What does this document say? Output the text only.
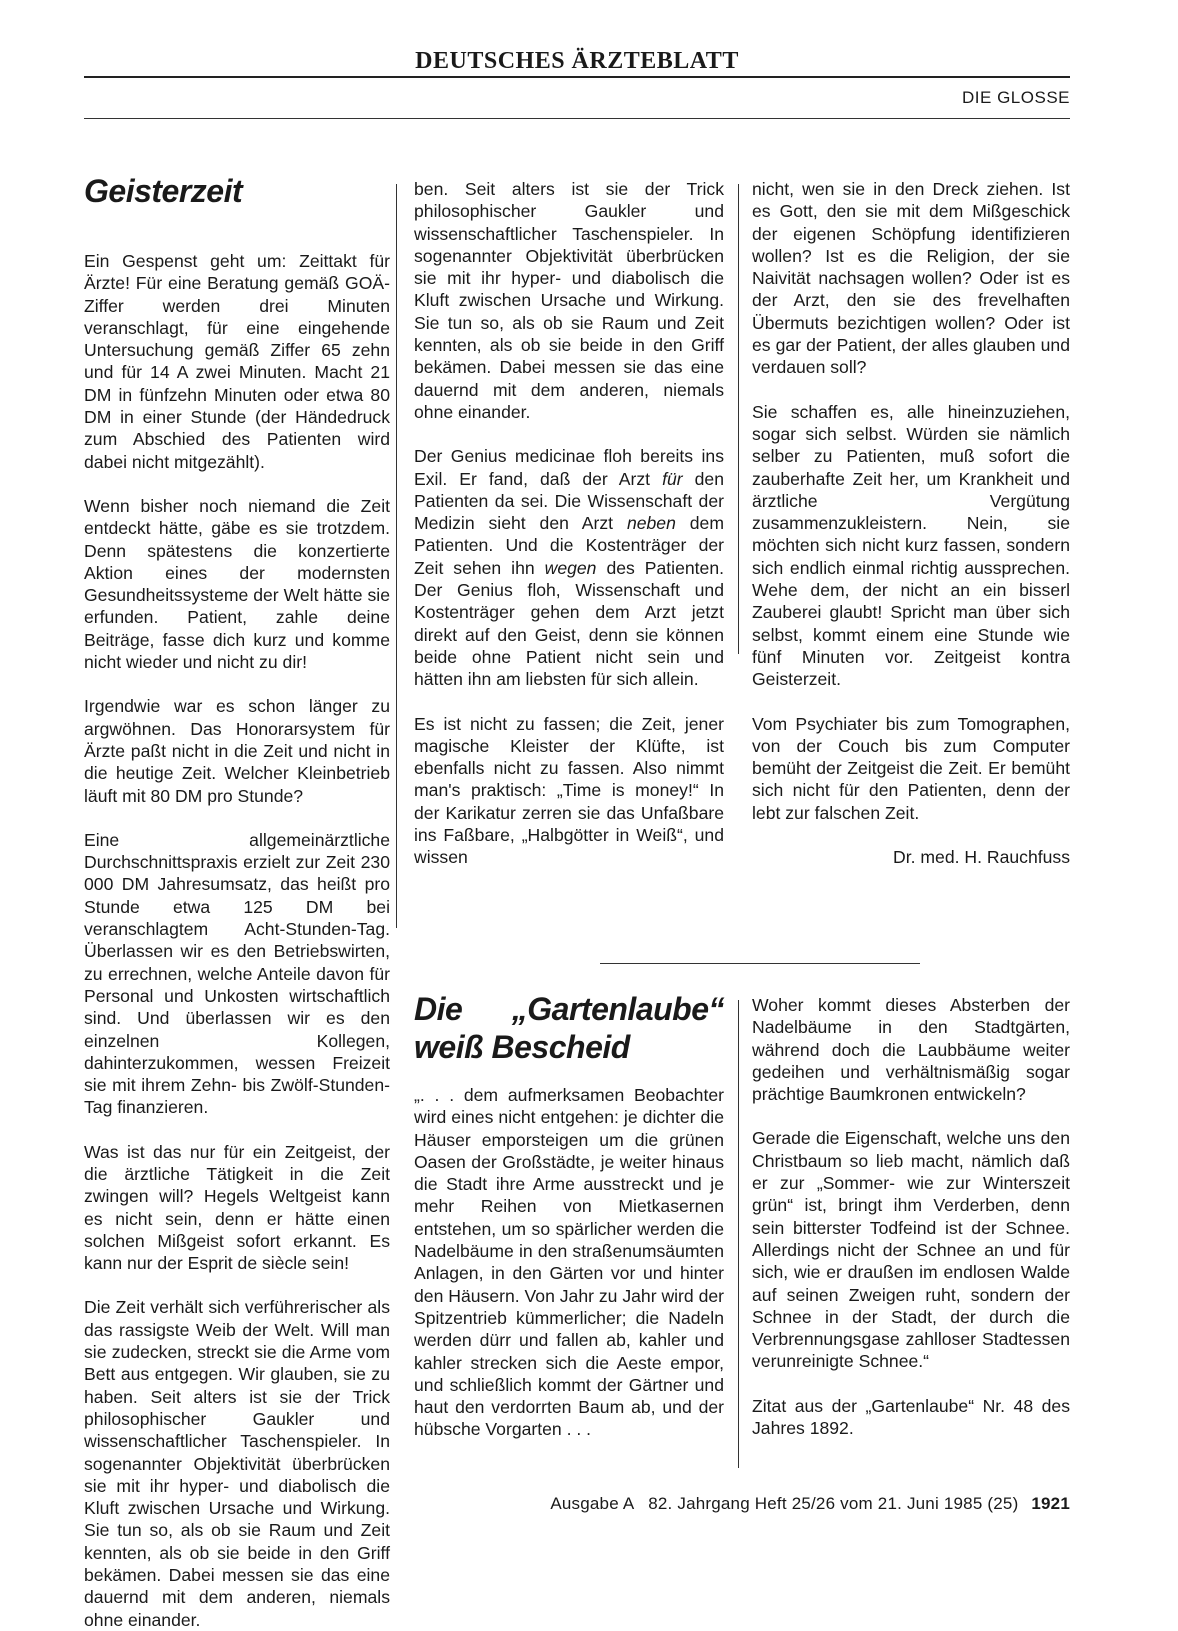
DEUTSCHES ÄRZTEBLATT
DIE GLOSSE
Geisterzeit

Ein Gespenst geht um: Zeittakt für Ärzte! Für eine Beratung gemäß GOÄ-Ziffer werden drei Minuten veranschlagt, für eine eingehende Untersuchung gemäß Ziffer 65 zehn und für 14 A zwei Minuten. Macht 21 DM in fünfzehn Minuten oder etwa 80 DM in einer Stunde (der Händedruck zum Abschied des Patienten wird dabei nicht mitgezählt).

Wenn bisher noch niemand die Zeit entdeckt hätte, gäbe es sie trotzdem. Denn spätestens die konzertierte Aktion eines der modernsten Gesundheitssysteme der Welt hätte sie erfunden. Patient, zahle deine Beiträge, fasse dich kurz und komme nicht wieder und nicht zu dir!

Irgendwie war es schon länger zu argwöhnen. Das Honorarsystem für Ärzte paßt nicht in die Zeit und nicht in die heutige Zeit. Welcher Kleinbetrieb läuft mit 80 DM pro Stunde?

Eine allgemeinärztliche Durchschnittspraxis erzielt zur Zeit 230 000 DM Jahresumsatz, das heißt pro Stunde etwa 125 DM bei veranschlagtem Acht-Stunden-Tag. Überlassen wir es den Betriebswirten, zu errechnen, welche Anteile davon für Personal und Unkosten wirtschaftlich sind. Und überlassen wir es den einzelnen Kollegen, dahinterzukommen, wessen Freizeit sie mit ihrem Zehn- bis Zwölf-Stunden-Tag finanzieren.

Was ist das nur für ein Zeitgeist, der die ärztliche Tätigkeit in die Zeit zwingen will? Hegels Weltgeist kann es nicht sein, denn er hätte einen solchen Mißgeist sofort erkannt. Es kann nur der Esprit de siècle sein!

Die Zeit verhält sich verführerischer als das rassigste Weib der Welt. Will man sie zudecken, streckt sie die Arme vom Bett aus entgegen. Wir glauben, sie zu haben. Seit alters ist sie der Trick philosophischer Gaukler und wissenschaftlicher Taschenspieler. In sogenannter Objektivität überbrücken sie mit ihr hyper- und diabolisch die Kluft zwischen Ursache und Wirkung. Sie tun so, als ob sie Raum und Zeit kennten, als ob sie beide in den Griff bekämen. Dabei messen sie das eine dauernd mit dem anderen, niemals ohne einander.

ben. Seit alters ist sie der Trick philosophischer Gaukler und wissenschaftlicher Taschenspieler. In sogenannter Objektivität überbrücken sie mit ihr hyper- und diabolisch die Kluft zwischen Ursache und Wirkung. Sie tun so, als ob sie Raum und Zeit kennten, als ob sie beide in den Griff bekämen. Dabei messen sie das eine dauernd mit dem anderen, niemals ohne einander.

Der Genius medicinae floh bereits ins Exil. Er fand, daß der Arzt für den Patienten da sei. Die Wissenschaft der Medizin sieht den Arzt neben dem Patienten. Und die Kostenträger der Zeit sehen ihn wegen des Patienten. Der Genius floh, Wissenschaft und Kostenträger gehen dem Arzt jetzt direkt auf den Geist, denn sie können beide ohne Patient nicht sein und hätten ihn am liebsten für sich allein.

Es ist nicht zu fassen; die Zeit, jener magische Kleister der Klüfte, ist ebenfalls nicht zu fassen. Also nimmt man's praktisch: „Time is money!“ In der Karikatur zerren sie das Unfaßbare ins Faßbare, „Halbgötter in Weiß“, und wissen

nicht, wen sie in den Dreck ziehen. Ist es Gott, den sie mit dem Mißgeschick der eigenen Schöpfung identifizieren wollen? Ist es die Religion, der sie Naivität nachsagen wollen? Oder ist es der Arzt, den sie des frevelhaften Übermuts bezichtigen wollen? Oder ist es gar der Patient, der alles glauben und verdauen soll?

Sie schaffen es, alle hineinzuziehen, sogar sich selbst. Würden sie nämlich selber zu Patienten, muß sofort die zauberhafte Zeit her, um Krankheit und ärztliche Vergütung zusammenzukleistern. Nein, sie möchten sich nicht kurz fassen, sondern sich endlich einmal richtig aussprechen. Wehe dem, der nicht an ein bisserl Zauberei glaubt! Spricht man über sich selbst, kommt einem eine Stunde wie fünf Minuten vor. Zeitgeist kontra Geisterzeit.

Vom Psychiater bis zum Tomographen, von der Couch bis zum Computer bemüht der Zeitgeist die Zeit. Er bemüht sich nicht für den Patienten, denn der lebt zur falschen Zeit.

Dr. med. H. Rauchfuss

Die „Gartenlaube“ weiß Bescheid

„. . . dem aufmerksamen Beobachter wird eines nicht entgehen: je dichter die Häuser emporsteigen um die grünen Oasen der Großstädte, je weiter hinaus die Stadt ihre Arme ausstreckt und je mehr Reihen von Mietkasernen entstehen, um so spärlicher werden die Nadelbäume in den straßenumsäumten Anlagen, in den Gärten vor und hinter den Häusern. Von Jahr zu Jahr wird der Spitzentrieb kümmerlicher; die Nadeln werden dürr und fallen ab, kahler und kahler strecken sich die Aeste empor, und schließlich kommt der Gärtner und haut den verdorrten Baum ab, und der hübsche Vorgarten . . .

Woher kommt dieses Absterben der Nadelbäume in den Stadtgärten, während doch die Laubbäume weiter gedeihen und verhältnismäßig sogar prächtige Baumkronen entwickeln?

Gerade die Eigenschaft, welche uns den Christbaum so lieb macht, nämlich daß er zur „Sommer- wie zur Winterszeit grün“ ist, bringt ihm Verderben, denn sein bitterster Todfeind ist der Schnee. Allerdings nicht der Schnee an und für sich, wie er draußen im endlosen Walde auf seinen Zweigen ruht, sondern der Schnee in der Stadt, der durch die Verbrennungsgase zahlloser Stadtessen verunreinigte Schnee.“

Zitat aus der „Gartenlaube“ Nr. 48 des Jahres 1892.

Ausgabe A   82. Jahrgang Heft 25/26 vom 21. Juni 1985 (25) 1921
